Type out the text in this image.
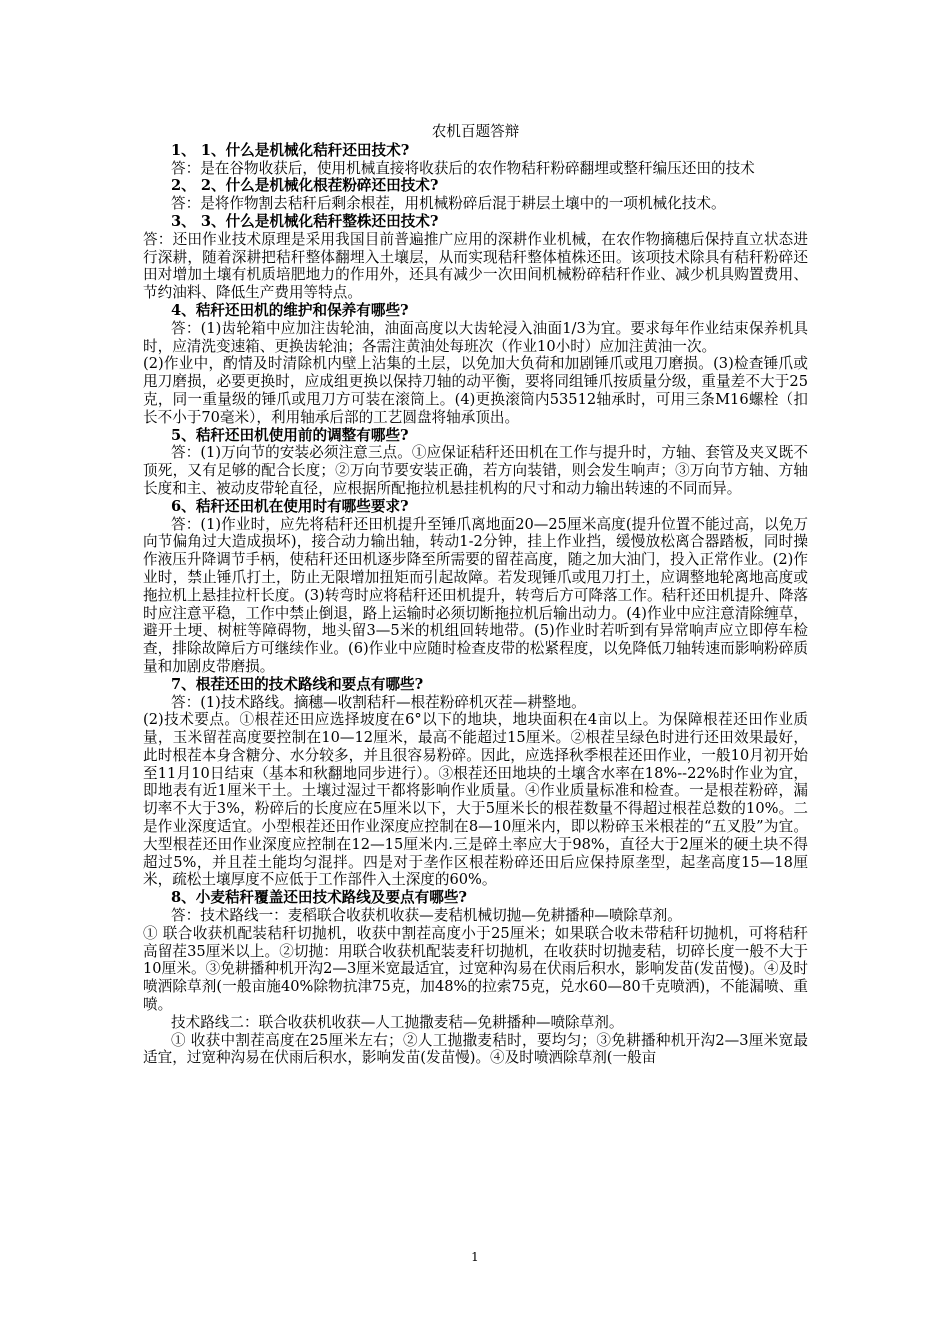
农机百题答辩
1、 1、什么是机械化秸秆还田技术?
答：是在谷物收获后，使用机械直接将收获后的农作物秸秆粉碎翻埋或整秆编压还田的技术
2、 2、什么是机械化根茬粉碎还田技术?
答：是将作物割去秸秆后剩余根茬，用机械粉碎后混于耕层土壤中的一项机械化技术。
3、 3、什么是机械化秸秆整株还田技术?
答：还田作业技术原理是采用我国目前普遍推广应用的深耕作业机械，在农作物摘穗后保持直立状态进行深耕，随着深耕把秸秆整体翻埋入土壤层，从而实现秸秆整体植株还田。该项技术除具有秸秆粉碎还田对增加土壤有机质培肥地力的作用外，还具有减少一次田间机械粉碎秸秆作业、减少机具购置费用、节约油料、降低生产费用等特点。
4、秸秆还田机的维护和保养有哪些?
答：(1)齿轮箱中应加注齿轮油，油面高度以大齿轮浸入油面1/3为宜。要求每年作业结束保养机具时，应清洗变速箱、更换齿轮油；各需注黄油处每班次（作业10小时）应加注黄油一次。
(2)作业中，酌情及时清除机内壁上沾集的土层，以免加大负荷和加剧锤爪或甩刀磨损。(3)检查锤爪或甩刀磨损，必要更换时，应成组更换以保持刀轴的动平衡，要将同组锤爪按质量分级，重量差不大于25克，同一重量级的锤爪或甩刀方可装在滚筒上。(4)更换滚筒内53512轴承时，可用三条M16螺栓（扣长不小于70毫米），利用轴承后部的工艺圆盘将轴承顶出。
5、秸秆还田机使用前的调整有哪些?
答：(1)万向节的安装必须注意三点。①应保证秸秆还田机在工作与提升时，方轴、套管及夹叉既不顶死，又有足够的配合长度；②万向节要安装正确，若方向装错，则会发生响声；③万向节方轴、方轴长度和主、被动皮带轮直径，应根据所配拖拉机悬挂机构的尺寸和动力输出转速的不同而异。
6、秸秆还田机在使用时有哪些要求?
答：(1)作业时，应先将秸秆还田机提升至锤爪离地面20—25厘米高度(提升位置不能过高，以免万向节偏角过大造成损坏)，接合动力输出轴，转动1-2分钟，挂上作业挡，缓慢放松离合器踏板，同时操作液压升降调节手柄，使秸秆还田机逐步降至所需要的留茬高度，随之加大油门，投入正常作业。(2)作业时，禁止锤爪打土，防止无限增加扭矩而引起故障。若发现锤爪或甩刀打土，应调整地轮离地高度或拖拉机上悬挂拉杆长度。(3)转弯时应将秸秆还田机提升，转弯后方可降落工作。秸秆还田机提升、降落时应注意平稳，工作中禁止倒退，路上运输时必须切断拖拉机后输出动力。(4)作业中应注意清除缠草，避开土埂、树桩等障碍物，地头留3—5米的机组回转地带。(5)作业时若听到有异常响声应立即停车检查，排除故障后方可继续作业。(6)作业中应随时检查皮带的松紧程度，以免降低刀轴转速而影响粉碎质量和加剧皮带磨损。
7、根茬还田的技术路线和要点有哪些?
答：(1)技术路线。摘穗—收割秸秆—根茬粉碎机灭茬—耕整地。
(2)技术要点。①根茬还田应选择坡度在6°以下的地块，地块面积在4亩以上。为保障根茬还田作业质量，玉米留茬高度要控制在10—12厘米，最高不能超过15厘米。②根茬呈绿色时进行还田效果最好，此时根茬本身含糖分、水分较多，并且很容易粉碎。因此，应选择秋季根茬还田作业，一般10月初开始至11月10日结束（基本和秋翻地同步进行）。③根茬还田地块的土壤含水率在18%--22%时作业为宜，即地表有近1厘米干土。土壤过湿过干都将影响作业质量。④作业质量标准和检查。一是根茬粉碎，漏切率不大于3%，粉碎后的长度应在5厘米以下，大于5厘米长的根茬数量不得超过根茬总数的10%。二是作业深度适宜。小型根茬还田作业深度应控制在8—10厘米内，即以粉碎玉米根茬的“五叉股”为宜。大型根茬还田作业深度应控制在12—15厘米内.三是碎土率应大于98%，直径大于2厘米的硬土块不得超过5%，并且茬土能均匀混拌。四是对于垄作区根茬粉碎还田后应保持原垄型，起垄高度15—18厘米，疏松土壤厚度不应低于工作部件入土深度的60%。
8、小麦秸秆覆盖还田技术路线及要点有哪些?
答：技术路线一：麦稻联合收获机收获—麦秸机械切抛—免耕播种—喷除草剂。
① 联合收获机配装秸秆切抛机，收获中割茬高度小于25厘米；如果联合收未带秸秆切抛机，可将秸秆高留茬35厘米以上。②切抛：用联合收获机配装麦秆切抛机，在收获时切抛麦秸，切碎长度一般不大于10厘米。③免耕播种机开沟2—3厘米宽最适宜，过宽种沟易在伏雨后积水，影响发苗(发苗慢)。④及时喷洒除草剂(一般亩施40%除物抗津75克，加48%的拉索75克，兑水60—80千克喷洒)，不能漏喷、重喷。
技术路线二：联合收获机收获—人工抛撒麦秸—免耕播种—喷除草剂。
① 收获中割茬高度在25厘米左右；②人工抛撒麦秸时，要均匀；③免耕播种机开沟2—3厘米宽最适宜，过宽种沟易在伏雨后积水，影响发苗(发苗慢)。④及时喷洒除草剂(一般亩
1
